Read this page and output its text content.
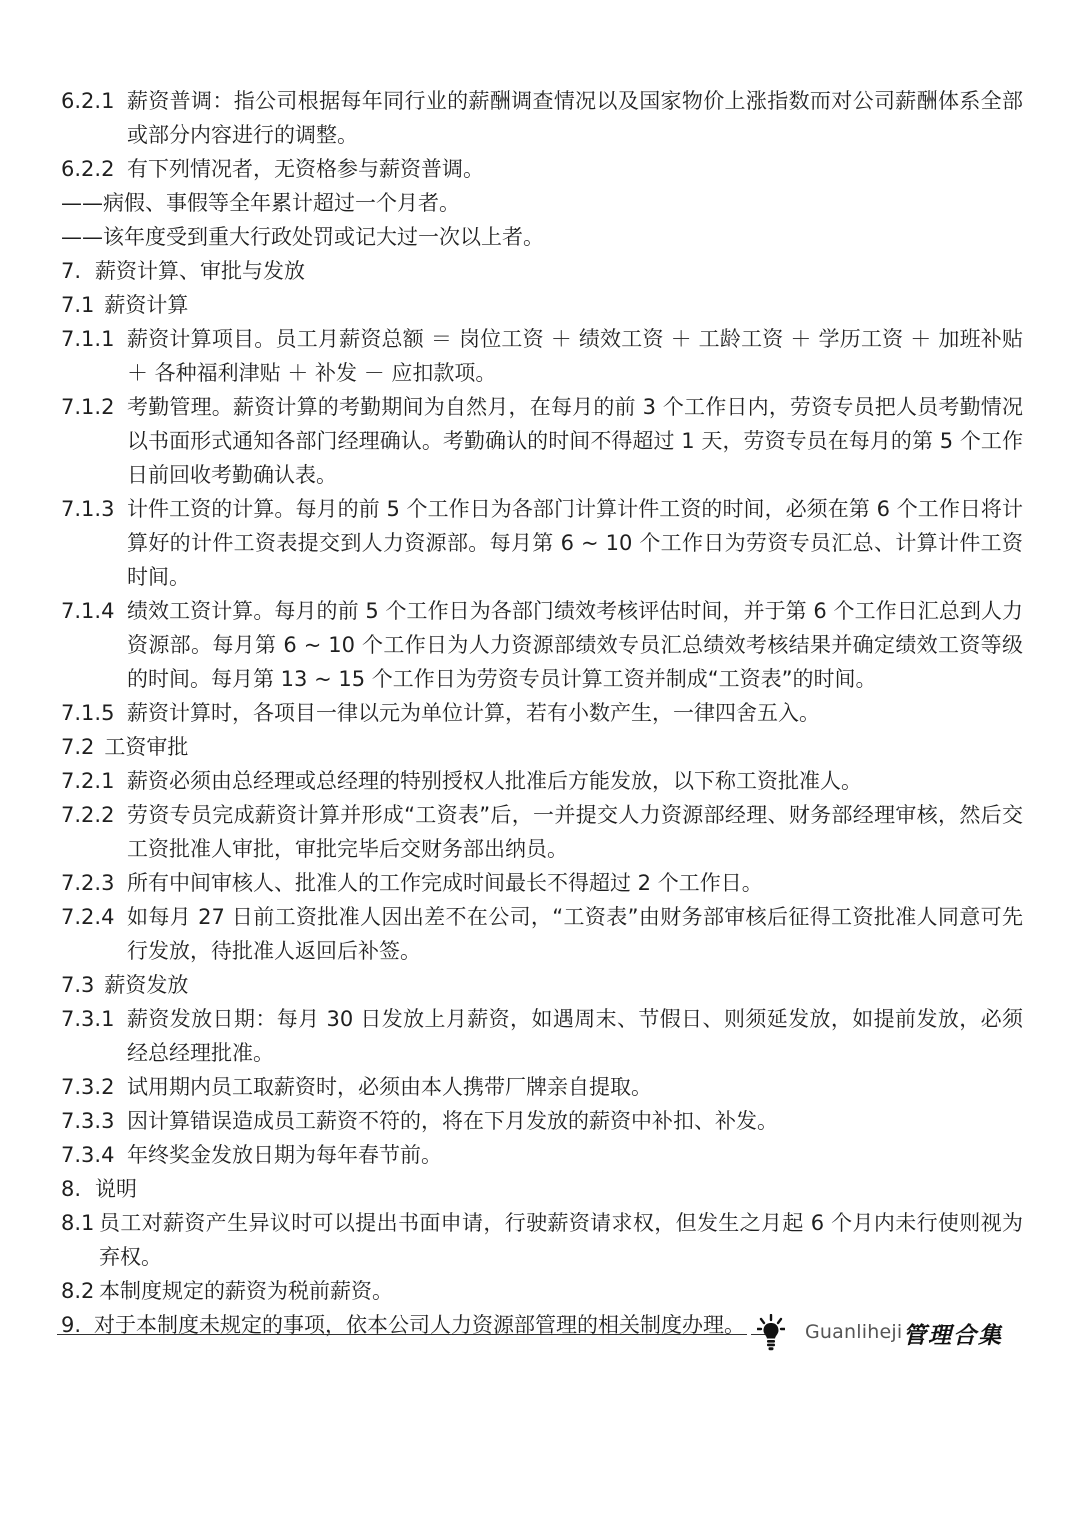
6.2.1 薪资普调：指公司根据每年同行业的薪酬调查情况以及国家物价上涨指数而对公司薪酬体系全部或部分内容进行的调整。
6.2.2 有下列情况者，无资格参与薪资普调。
——病假、事假等全年累计超过一个月者。
——该年度受到重大行政处罚或记大过一次以上者。
7. 薪资计算、审批与发放
7.1 薪资计算
7.1.1 薪资计算项目。员工月薪资总额 ＝ 岗位工资 ＋ 绩效工资 ＋ 工龄工资 ＋ 学历工资 ＋ 加班补贴 ＋ 各种福利津贴 ＋ 补发 － 应扣款项。
7.1.2 考勤管理。薪资计算的考勤期间为自然月，在每月的前 3 个工作日内，劳资专员把人员考勤情况以书面形式通知各部门经理确认。考勤确认的时间不得超过 1 天，劳资专员在每月的第 5 个工作日前回收考勤确认表。
7.1.3 计件工资的计算。每月的前 5 个工作日为各部门计算计件工资的时间，必须在第 6 个工作日将计算好的计件工资表提交到人力资源部。每月第 6 ~ 10 个工作日为劳资专员汇总、计算计件工资时间。
7.1.4 绩效工资计算。每月的前 5 个工作日为各部门绩效考核评估时间，并于第 6 个工作日汇总到人力资源部。每月第 6 ~ 10 个工作日为人力资源部绩效专员汇总绩效考核结果并确定绩效工资等级的时间。每月第 13 ~ 15 个工作日为劳资专员计算工资并制成“工资表”的时间。
7.1.5 薪资计算时，各项目一律以元为单位计算，若有小数产生，一律四舍五入。
7.2 工资审批
7.2.1 薪资必须由总经理或总经理的特别授权人批准后方能发放，以下称工资批准人。
7.2.2 劳资专员完成薪资计算并形成“工资表”后，一并提交人力资源部经理、财务部经理审核，然后交工资批准人审批，审批完毕后交财务部出纳员。
7.2.3 所有中间审核人、批准人的工作完成时间最长不得超过 2 个工作日。
7.2.4 如每月 27 日前工资批准人因出差不在公司，“工资表”由财务部审核后征得工资批准人同意可先行发放，待批准人返回后补签。
7.3 薪资发放
7.3.1 薪资发放日期：每月 30 日发放上月薪资，如遇周末、节假日、则须延发放，如提前发放，必须经总经理批准。
7.3.2 试用期内员工取薪资时，必须由本人携带厂牌亲自提取。
7.3.3 因计算错误造成员工薪资不符的，将在下月发放的薪资中补扣、补发。
7.3.4 年终奖金发放日期为每年春节前。
8. 说明
8.1 员工对薪资产生异议时可以提出书面申请，行驶薪资请求权，但发生之月起 6 个月内未行使则视为弃权。
8.2 本制度规定的薪资为税前薪资。
9. 对于本制度未规定的事项，依本公司人力资源部管理的相关制度办理。	Guanliheji 管理合集
